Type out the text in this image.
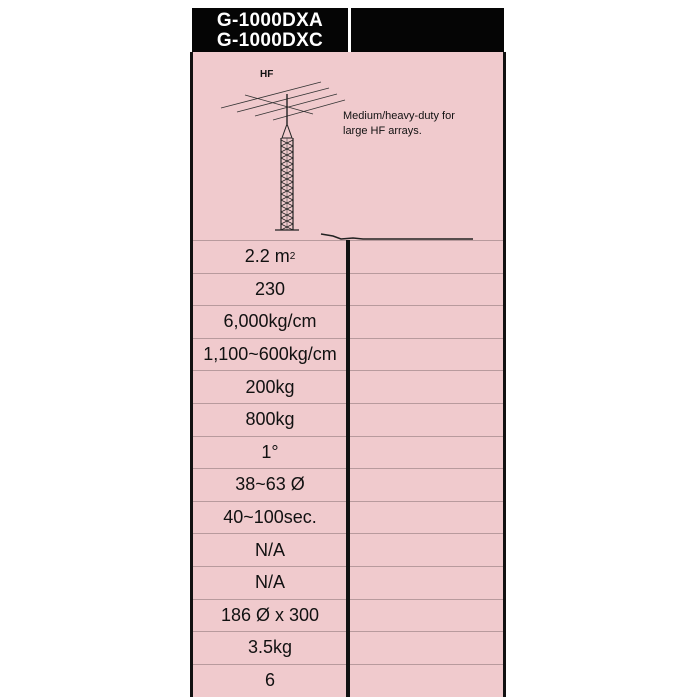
G-1000DXA
G-1000DXC
HF
Medium/heavy-duty for
large HF arrays.
2.2 m 2
230
6,000kg/cm
1,100~600kg/cm
200kg
800kg
1°
38~63 Ø
40~100sec.
N/A
N/A
186 Ø x 300
3.5kg
6
